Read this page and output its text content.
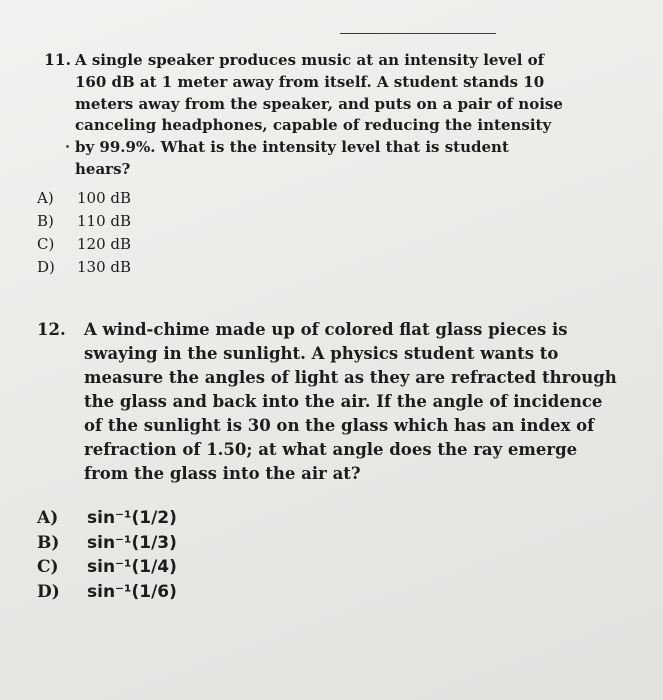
11. A single speaker produces music at an intensity level of
160 dB at 1 meter away from itself. A student stands 10
meters away from the speaker, and puts on a pair of noise
canceling headphones, capable of reducing the intensity
by 99.9%. What is the intensity level that is student
hears?
A) 100 dB
B) 110 dB
C) 120 dB
D) 130 dB
12. A wind-chime made up of colored flat glass pieces is
swaying in the sunlight. A physics student wants to
measure the angles of light as they are refracted through
the glass and back into the air. If the angle of incidence
of the sunlight is 30 on the glass which has an index of
refraction of 1.50; at what angle does the ray emerge
from the glass into the air at?
A) sin⁻¹(1/2)
B) sin⁻¹(1/3)
C) sin⁻¹(1/4)
D) sin⁻¹(1/6)
